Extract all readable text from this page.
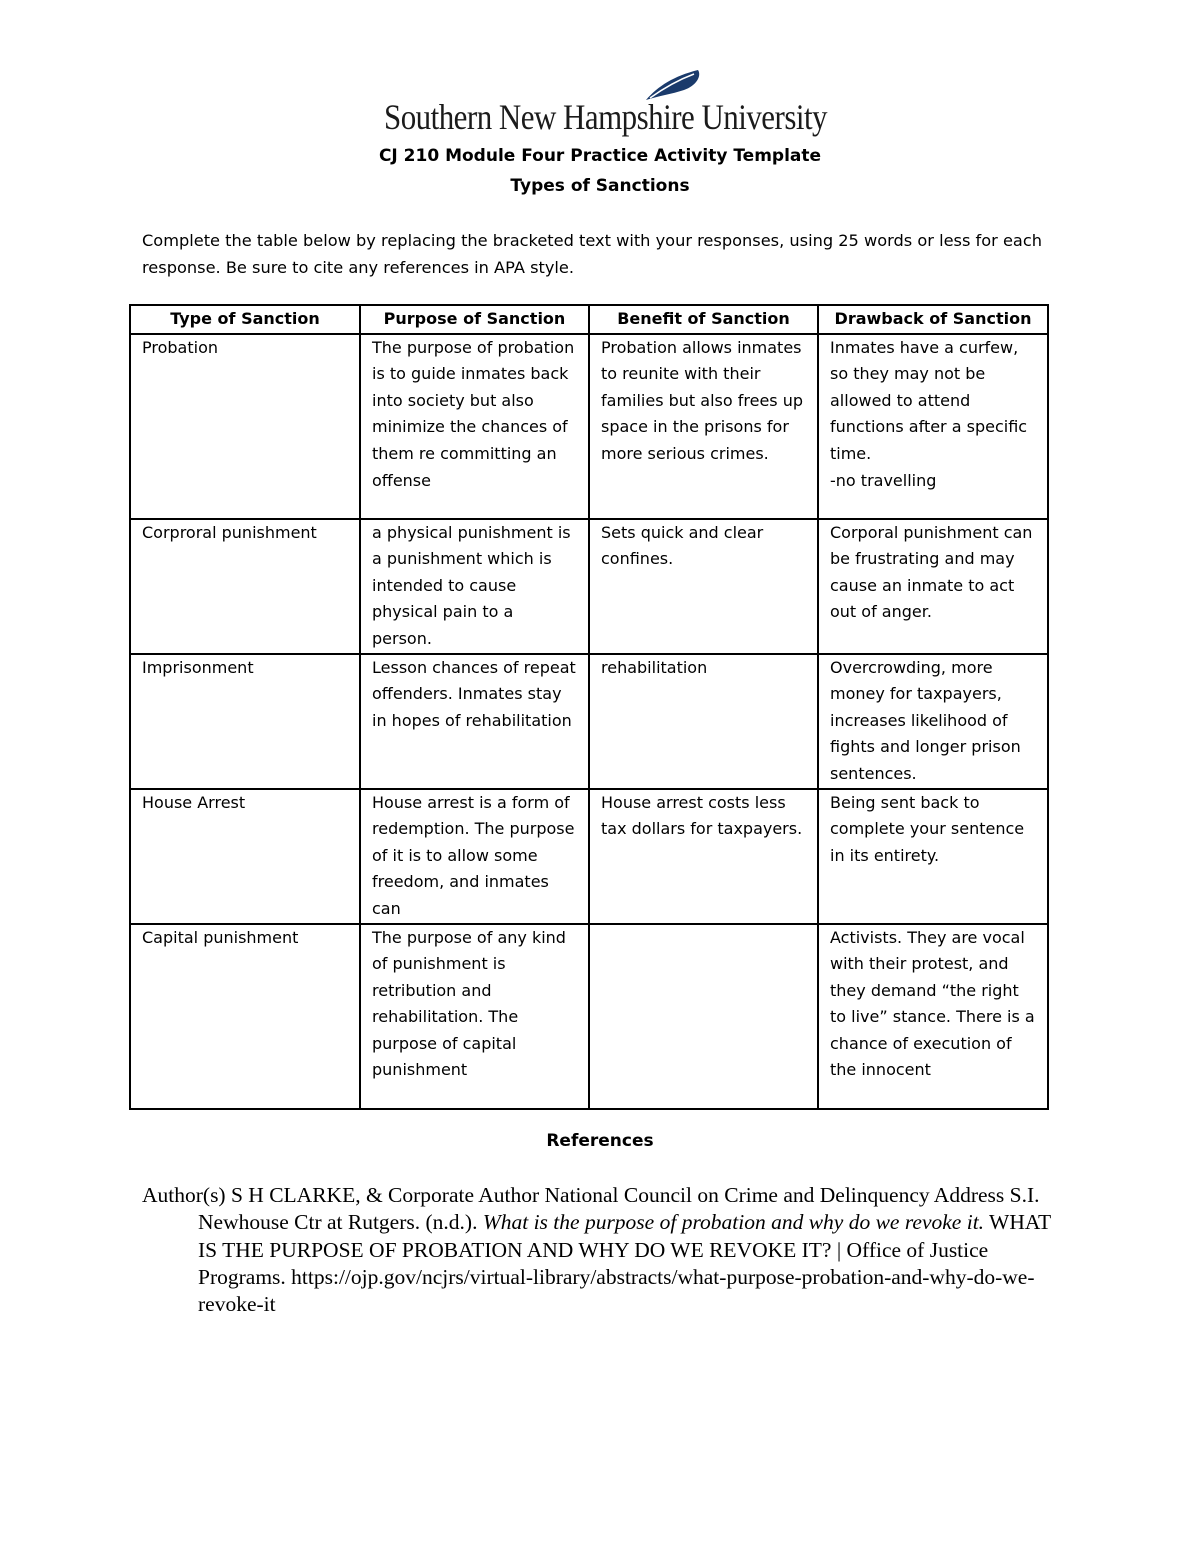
Southern New Hampshire University
CJ 210 Module Four Practice Activity Template
Types of Sanctions
Complete the table below by replacing the bracketed text with your responses, using 25 words or less for each response. Be sure to cite any references in APA style.
Type of Sanction	Purpose of Sanction	Benefit of Sanction	Drawback of Sanction
Probation	The purpose of probation is to guide inmates back into society but also minimize the chances of them re committing an offense	Probation allows inmates to reunite with their families but also frees up space in the prisons for more serious crimes.	Inmates have a curfew, so they may not be allowed to attend functions after a specific time.
-no travelling
Corproral punishment	a physical punishment is a punishment which is intended to cause physical pain to a person.	Sets quick and clear confines.	Corporal punishment can be frustrating and may cause an inmate to act out of anger.
Imprisonment	Lesson chances of repeat offenders. Inmates stay in hopes of rehabilitation	rehabilitation	Overcrowding, more money for taxpayers, increases likelihood of fights and longer prison sentences.
House Arrest	House arrest is a form of redemption. The purpose of it is to allow some freedom, and inmates can	House arrest costs less tax dollars for taxpayers.	Being sent back to complete your sentence in its entirety.
Capital punishment	The purpose of any kind of punishment is retribution and rehabilitation. The purpose of capital punishment		Activists. They are vocal with their protest, and they demand “the right to live” stance. There is a chance of execution of the innocent
References
Author(s) S H CLARKE, & Corporate Author National Council on Crime and Delinquency Address S.I. Newhouse Ctr at Rutgers. (n.d.). What is the purpose of probation and why do we revoke it. WHAT IS THE PURPOSE OF PROBATION AND WHY DO WE REVOKE IT? | Office of Justice Programs. https://ojp.gov/ncjrs/virtual-library/abstracts/what-purpose-probation-and-why-do-we-revoke-it
